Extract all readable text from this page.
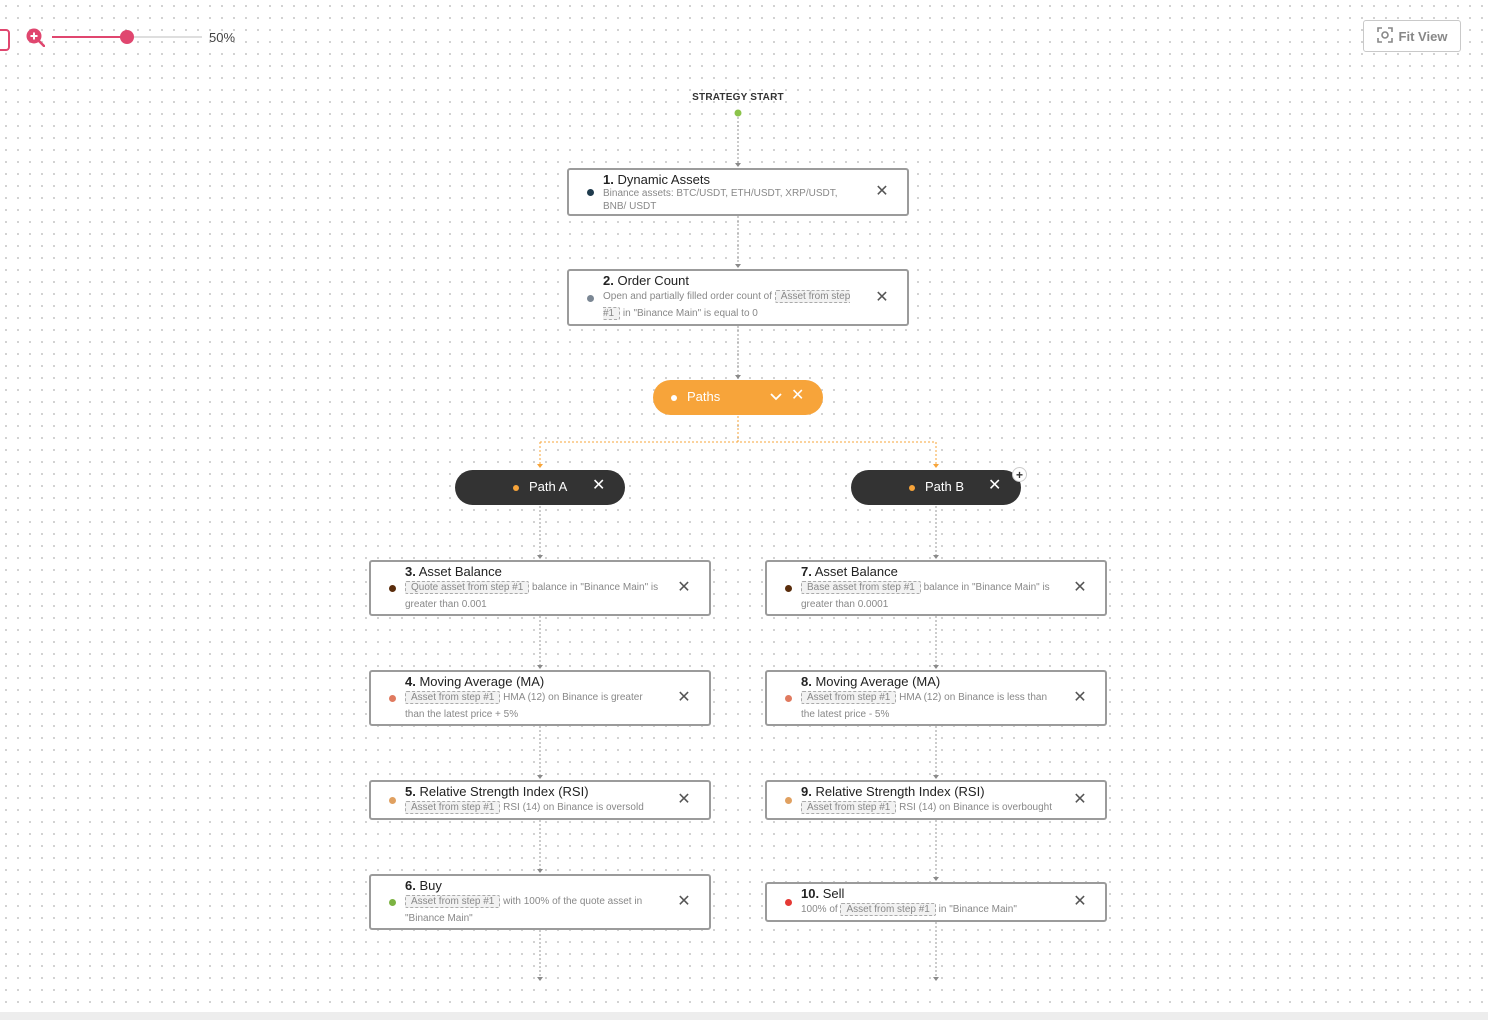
50%	Fit View
STRATEGY START
1. Dynamic Assets
Binance assets: BTC/USDT, ETH/USDT, XRP/USDT, BNB/ USDT
✕
2. Order Count
Open and partially filled order count of Asset from step #1 in "Binance Main" is equal to 0
✕
Paths	✕
Path A ✕	Path B ✕
+
3. Asset Balance
Quote asset from step #1 balance in "Binance Main" is greater than 0.001
✕
4. Moving Average (MA)
Asset from step #1 HMA (12) on Binance is greater than the latest price + 5%
✕
5. Relative Strength Index (RSI)
Asset from step #1 RSI (14) on Binance is oversold	✕
6. Buy
Asset from step #1 with 100% of the quote asset in "Binance Main"
✕
7. Asset Balance
Base asset from step #1 balance in "Binance Main" is greater than 0.0001
✕
8. Moving Average (MA)
Asset from step #1 HMA (12) on Binance is less than the latest price - 5%
✕
9. Relative Strength Index (RSI)
Asset from step #1 RSI (14) on Binance is overbought	✕
10. Sell
100% of Asset from step #1 in "Binance Main"	✕
